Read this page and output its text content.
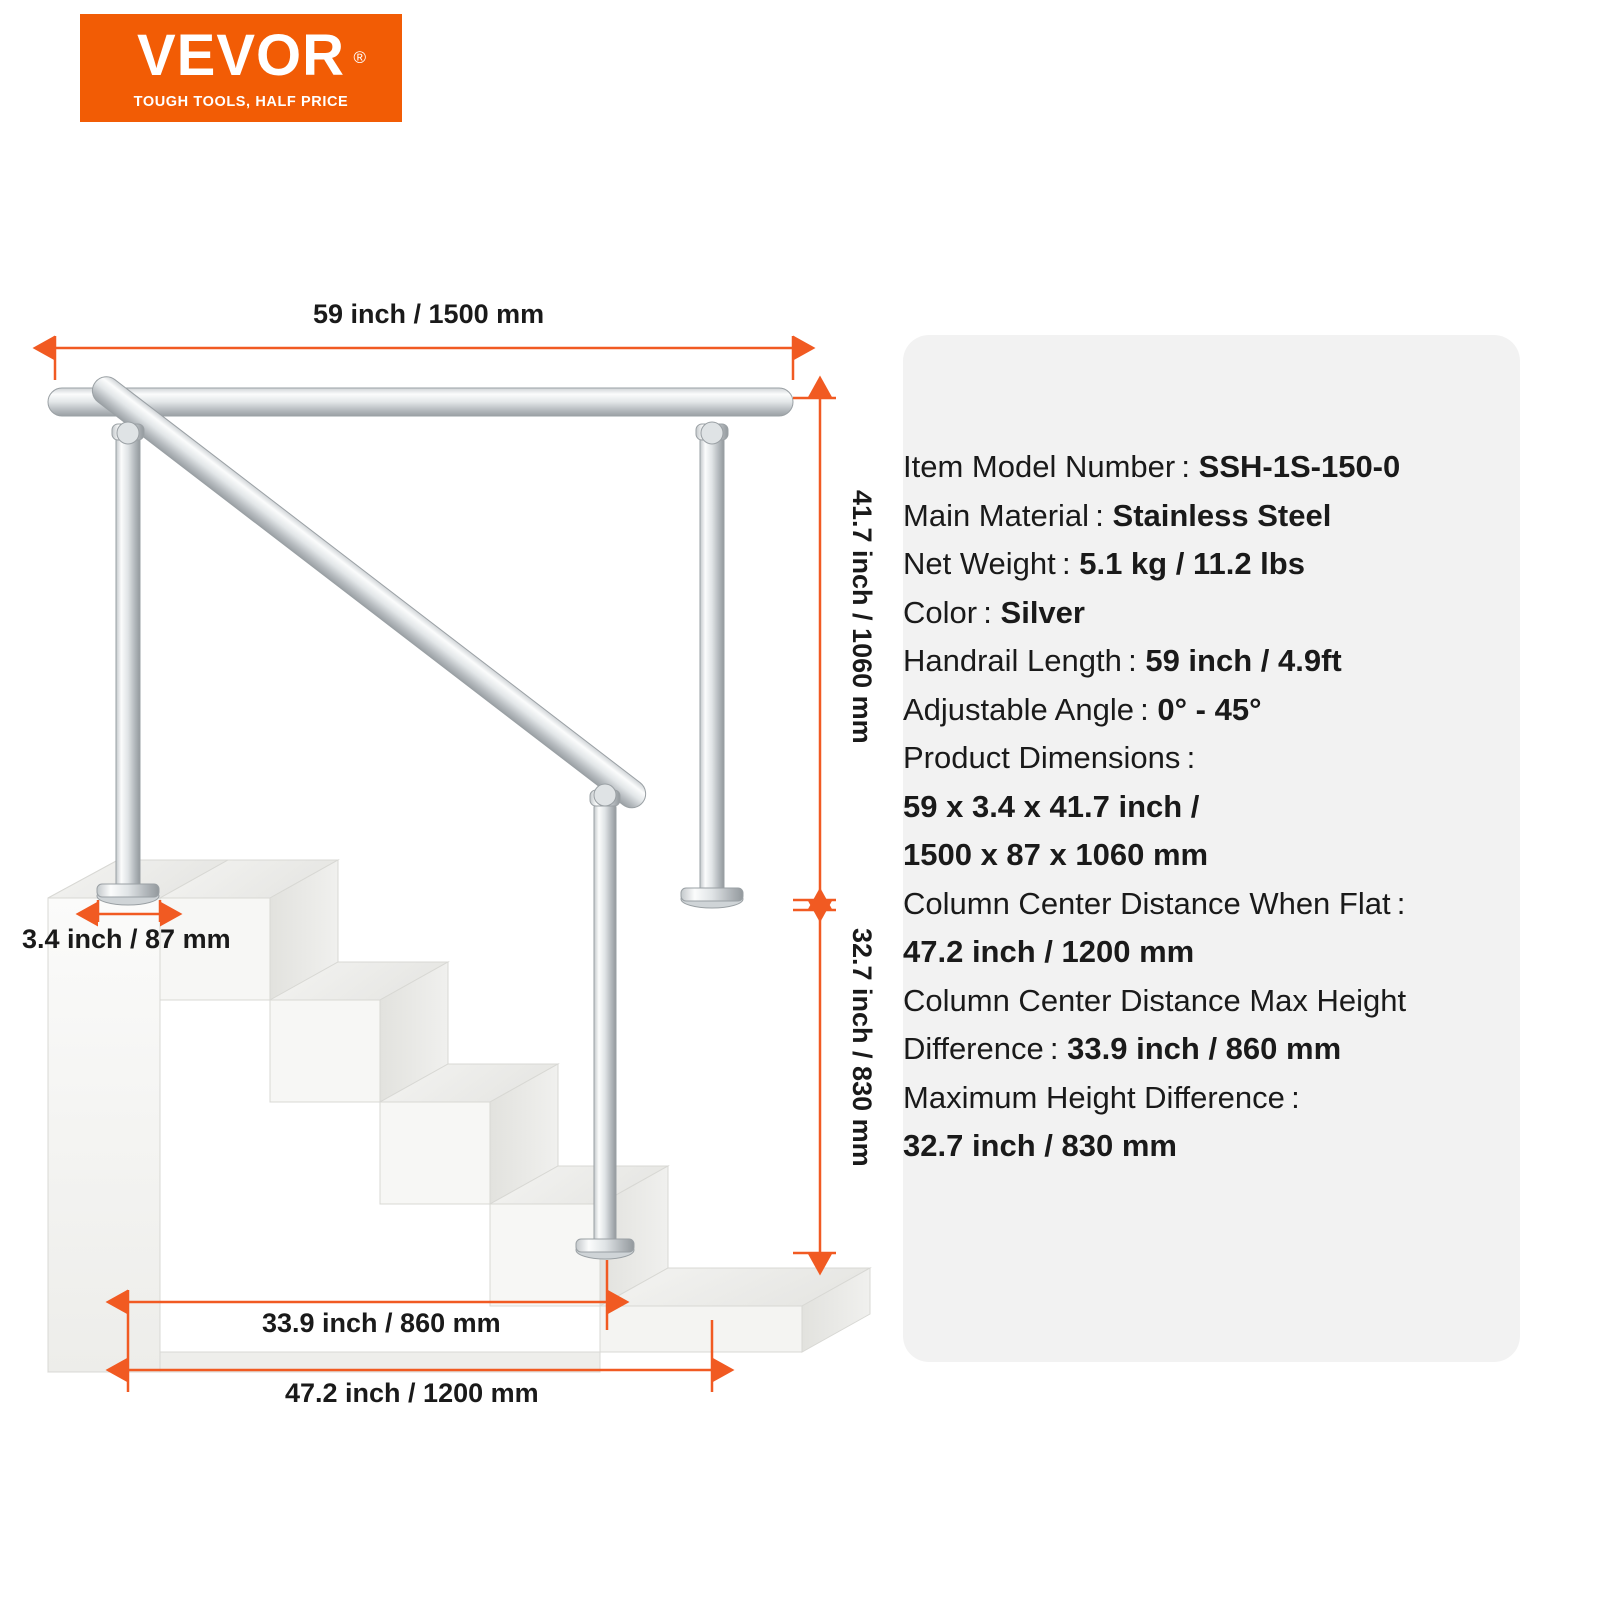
VEVOR ®
TOUGH TOOLS, HALF PRICE
59 inch / 1500 mm
41.7 inch / 1060 mm
32.7 inch / 830 mm
3.4 inch / 87 mm
33.9 inch / 860 mm
47.2 inch / 1200 mm
Item Model Number : SSH-1S-150-0
Main Material : Stainless Steel
Net Weight : 5.1 kg / 11.2 lbs
Color : Silver
Handrail Length : 59 inch / 4.9ft
Adjustable Angle : 0° - 45°
Product Dimensions :
59 x 3.4 x 41.7 inch /
1500 x 87 x 1060 mm
Column Center Distance When Flat :
47.2 inch / 1200 mm
Column Center Distance Max Height
Difference : 33.9 inch / 860 mm
Maximum Height Difference :
32.7 inch / 830 mm
